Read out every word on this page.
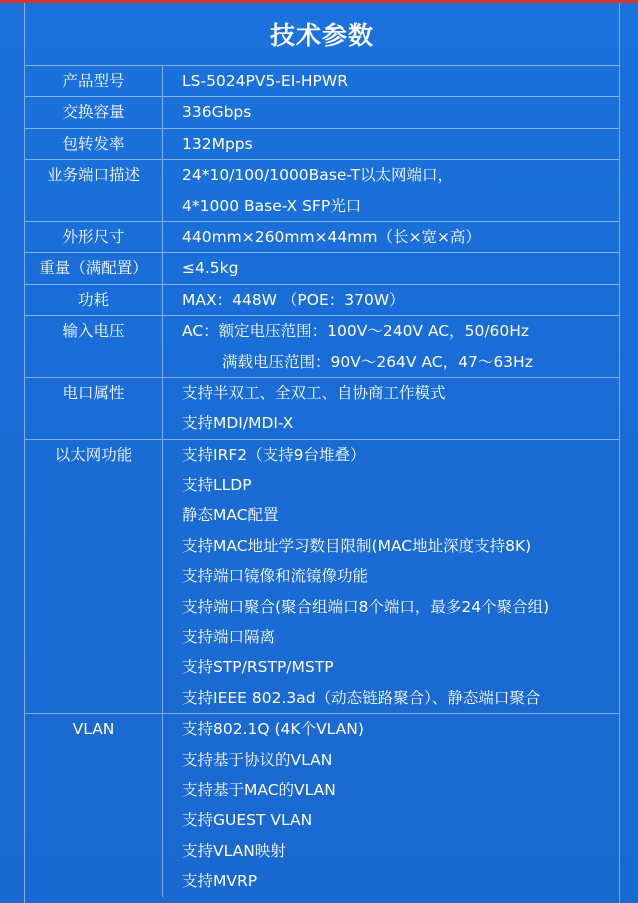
技术参数
产品型号	LS-5024PV5-EI-HPWR
交换容量	336Gbps
包转发率	132Mpps
业务端口描述	24*10/100/1000Base-T以太网端口，
4*1000 Base-X SFP光口
外形尺寸	440mm×260mm×44mm（长×宽×高）
重量（满配置）	≤4.5kg
功耗	MAX：448W （POE：370W）
输入电压	AC：额定电压范围：100V～240V AC，50/60Hz
满载电压范围：90V～264V AC，47～63Hz
电口属性	支持半双工、全双工、自协商工作模式
支持MDI/MDI-X
以太网功能	支持IRF2（支持9台堆叠）
支持LLDP
静态MAC配置
支持MAC地址学习数目限制(MAC地址深度支持8K)
支持端口镜像和流镜像功能
支持端口聚合(聚合组端口8个端口，最多24个聚合组)
支持端口隔离
支持STP/RSTP/MSTP
支持IEEE 802.3ad（动态链路聚合）、静态端口聚合
VLAN	支持802.1Q (4K个VLAN)
支持基于协议的VLAN
支持基于MAC的VLAN
支持GUEST VLAN
支持VLAN映射
支持MVRP
